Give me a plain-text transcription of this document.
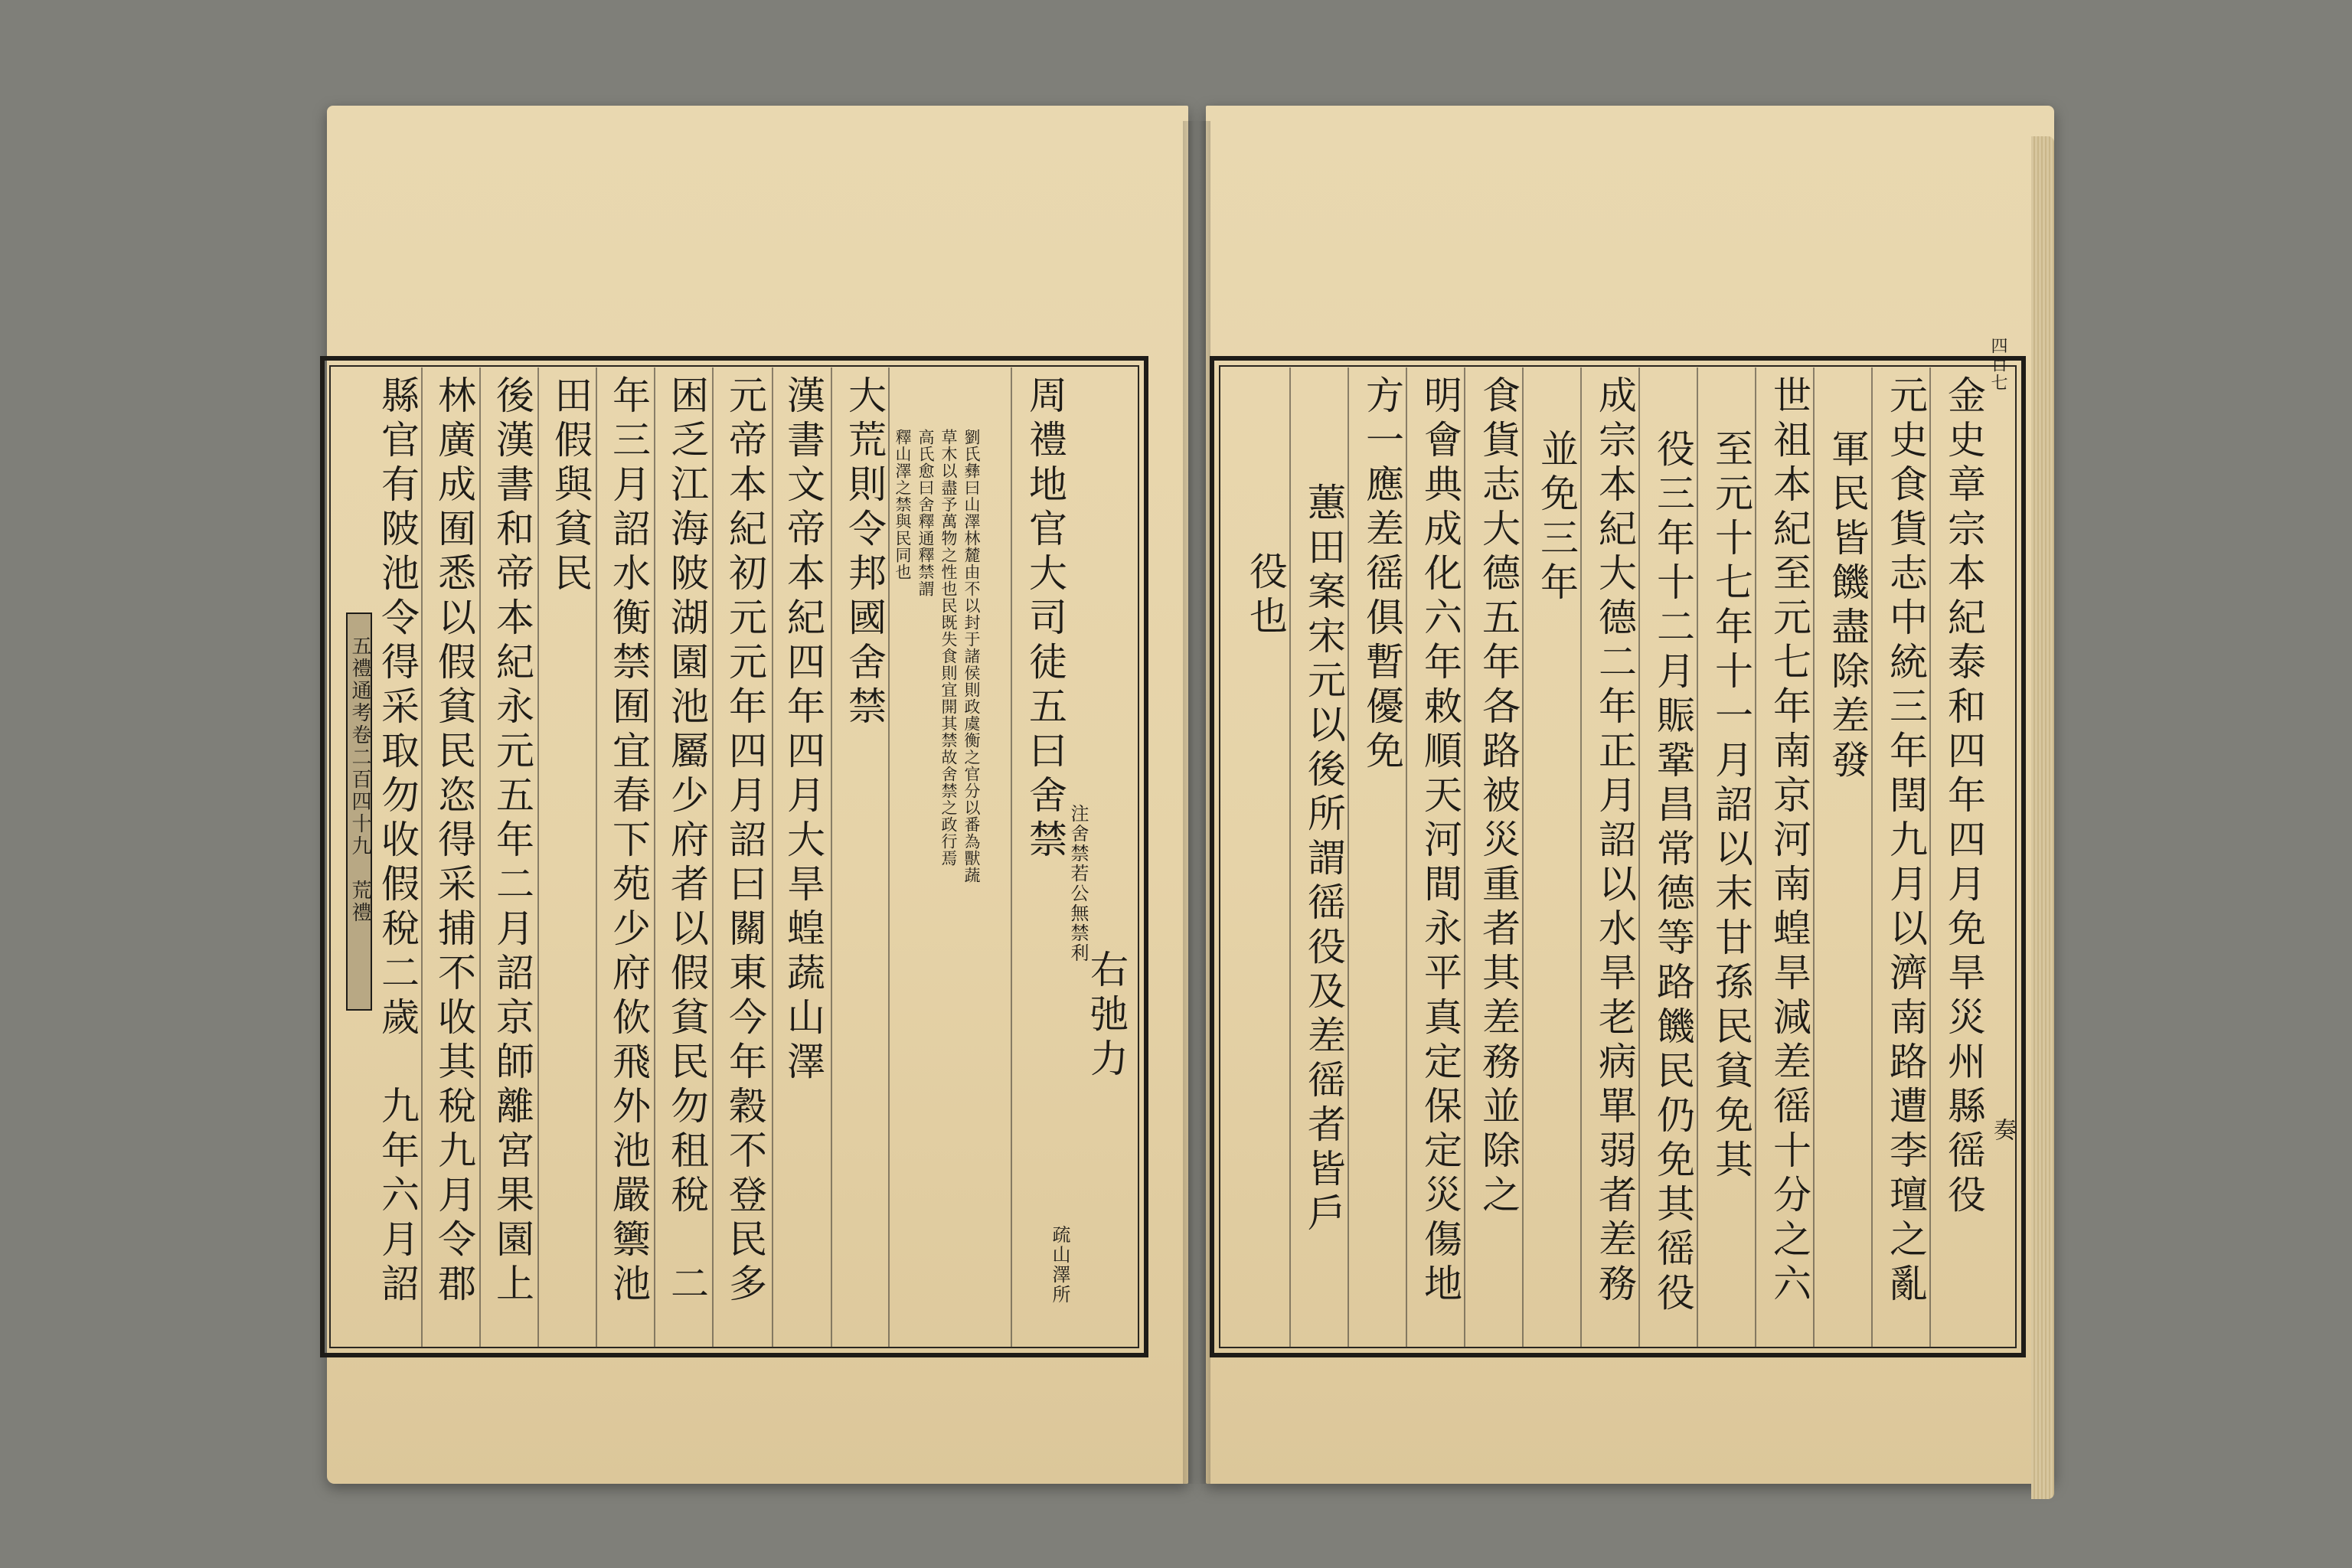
五禮通考卷二百四十九　荒禮
右弛力
周禮地官大司徒五曰舍禁
注舍禁若公無禁利
疏山澤所
劉氏彝曰山澤林麓由不以封于諸侯則政虞衡之官分以番為獸蔬
草木以盡予萬物之性也民既失食則宜開其禁故舍禁之政行焉
高氏愈曰舍釋通釋禁謂
釋山澤之禁與民同也
大荒則令邦國舍禁
漢書文帝本紀四年四月大旱蝗蔬山澤
元帝本紀初元元年四月詔曰關東今年穀不登民多
困乏江海陂湖園池屬少府者以假貧民勿租稅　二
年三月詔水衡禁囿宜春下苑少府佽飛外池嚴籞池
田假與貧民
後漢書和帝本紀永元五年二月詔京師離宮果園上
林廣成囿悉以假貧民恣得采捕不收其稅九月令郡
縣官有陂池令得采取勿收假稅二歲　九年六月詔
四百七
奏
金史章宗本紀泰和四年四月免旱災州縣徭役
元史食貨志中統三年閏九月以濟南路遭李璮之亂
軍民皆饑盡除差發
世祖本紀至元七年南京河南蝗旱減差徭十分之六
至元十七年十一月詔以末甘孫民貧免其
役三年十二月賑鞏昌常德等路饑民仍免其徭役
成宗本紀大德二年正月詔以水旱老病單弱者差務
並免三年
食貨志大德五年各路被災重者其差務並除之
明會典成化六年敕順天河間永平真定保定災傷地
方一應差徭俱暫優免
蕙田案宋元以後所謂徭役及差徭者皆戶
役也
